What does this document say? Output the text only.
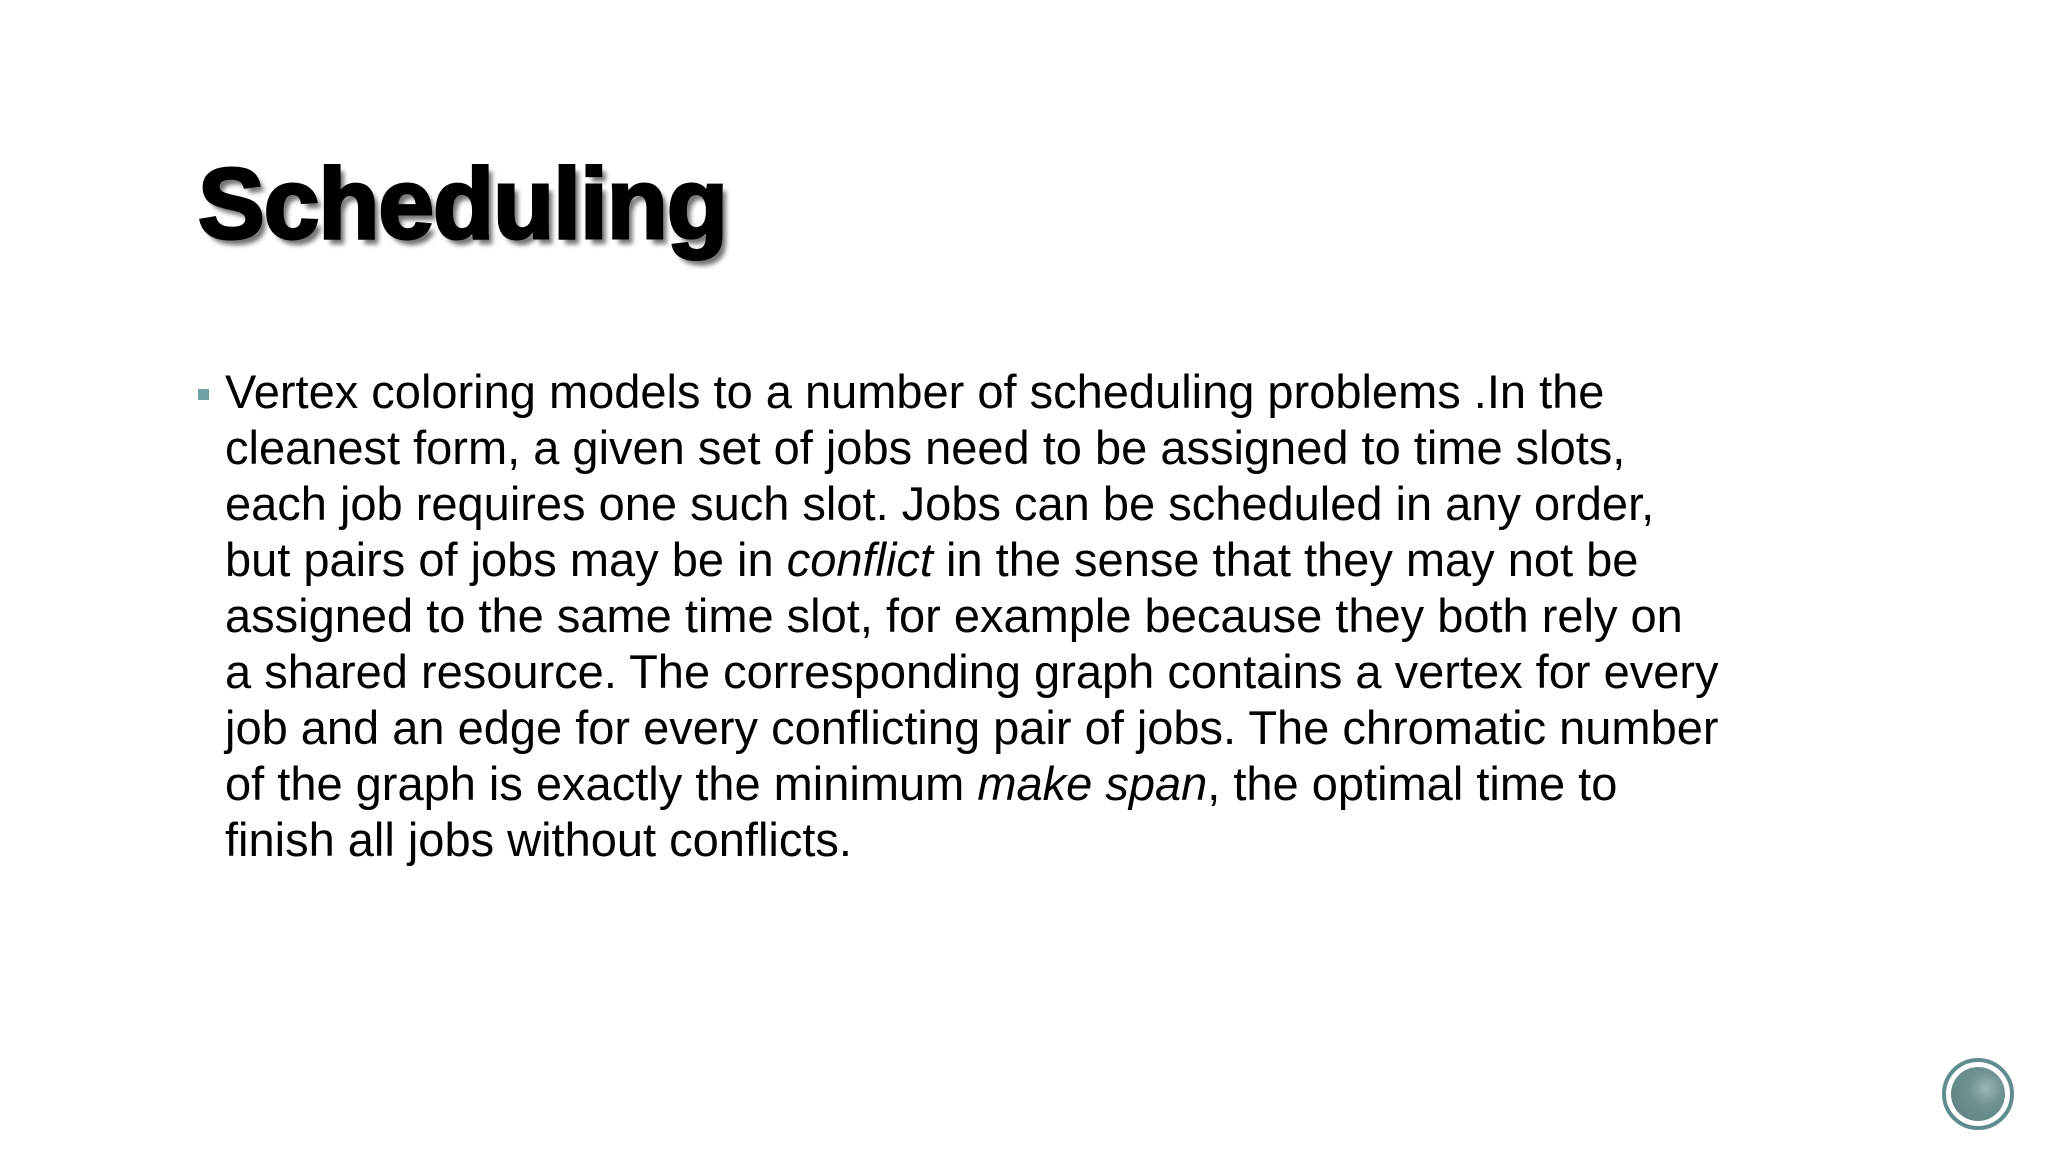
Scheduling

Vertex coloring models to a number of scheduling problems .In the
cleanest form, a given set of jobs need to be assigned to time slots,
each job requires one such slot. Jobs can be scheduled in any order,
but pairs of jobs may be in conflict in the sense that they may not be
assigned to the same time slot, for example because they both rely on
a shared resource. The corresponding graph contains a vertex for every
job and an edge for every conflicting pair of jobs. The chromatic number
of the graph is exactly the minimum make span, the optimal time to
finish all jobs without conflicts.
